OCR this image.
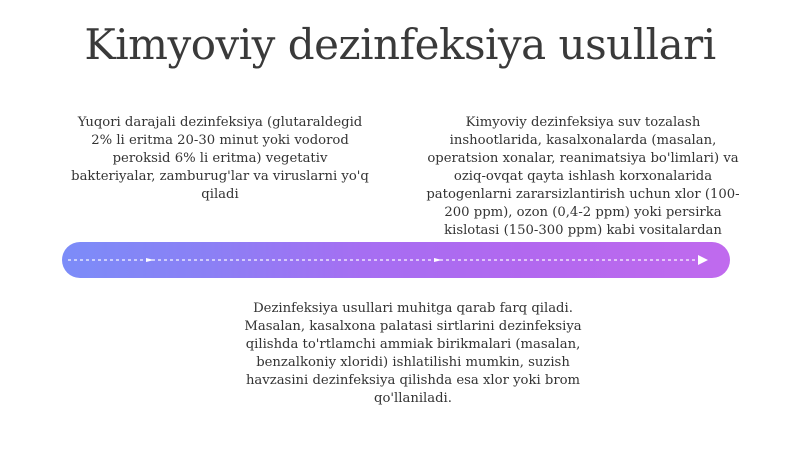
Kimyoviy dezinfeksiya usullari
Yuqori darajali dezinfeksiya (glutaraldegid 2% li eritma 20-30 minut yoki vodorod peroksid 6% li eritma) vegetativ bakteriyalar, zamburug'lar va viruslarni yo'q qiladi
Kimyoviy dezinfeksiya suv tozalash inshootlarida, kasalxonalarda (masalan, operatsion xonalar, reanimatsiya bo'limlari) va oziq-ovqat qayta ishlash korxonalarida patogenlarni zararsizlantirish uchun xlor (100-200 ppm), ozon (0,4-2 ppm) yoki persirka kislotasi (150-300 ppm) kabi vositalardan
Dezinfeksiya usullari muhitga qarab farq qiladi. Masalan, kasalxona palatasi sirtlarini dezinfeksiya qilishda to'rtlamchi ammiak birikmalari (masalan, benzalkoniy xloridi) ishlatilishi mumkin, suzish havzasini dezinfeksiya qilishda esa xlor yoki brom qo'llaniladi.
